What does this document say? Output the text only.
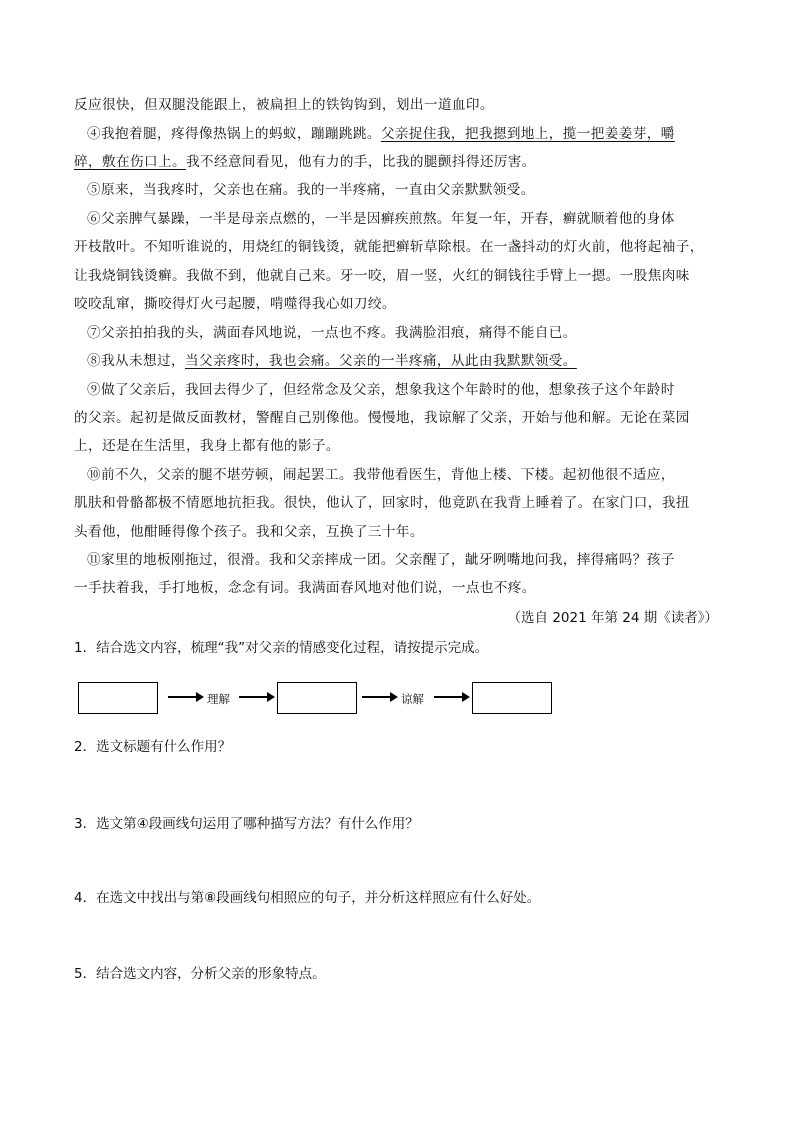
反应很快，但双腿没能跟上，被扁担上的铁钩钩到，划出一道血印。
④我抱着腿，疼得像热锅上的蚂蚁，蹦蹦跳跳。父亲捉住我，把我摁到地上，揽一把姜姜芽，嚼
碎，敷在伤口上。我不经意间看见，他有力的手，比我的腿颤抖得还厉害。
⑤原来，当我疼时，父亲也在痛。我的一半疼痛，一直由父亲默默领受。
⑥父亲脾气暴躁，一半是母亲点燃的，一半是因癣疾煎熬。年复一年，开春，癣就顺着他的身体
开枝散叶。不知听谁说的，用烧红的铜钱烫，就能把癣斩草除根。在一盏抖动的灯火前，他将起袖子，
让我烧铜钱烫癣。我做不到，他就自己来。牙一咬，眉一竖，火红的铜钱往手臂上一摁。一股焦肉味
咬咬乱窜，撕咬得灯火弓起腰，啃噬得我心如刀绞。
⑦父亲拍拍我的头，满面春风地说，一点也不疼。我满脸泪痕，痛得不能自已。
⑧我从未想过，当父亲疼时，我也会痛。父亲的一半疼痛，从此由我默默领受。
⑨做了父亲后，我回去得少了，但经常念及父亲，想象我这个年龄时的他，想象孩子这个年龄时
的父亲。起初是做反面教材，警醒自己别像他。慢慢地，我谅解了父亲，开始与他和解。无论在菜园
上，还是在生活里，我身上都有他的影子。
⑩前不久，父亲的腿不堪劳顿，闹起罢工。我带他看医生，背他上楼、下楼。起初他很不适应，
肌肤和骨骼都极不情愿地抗拒我。很快，他认了，回家时，他竟趴在我背上睡着了。在家门口，我扭
头看他，他酣睡得像个孩子。我和父亲，互换了三十年。
⑪家里的地板刚拖过，很滑。我和父亲摔成一团。父亲醒了，龇牙咧嘴地问我，摔得痛吗？孩子
一手扶着我，手打地板，念念有词。我满面春风地对他们说，一点也不疼。
（选自 2021 年第 24 期《读者》）
1．结合选文内容，梳理“我”对父亲的情感变化过程，请按提示完成。
理解	谅解
2．选文标题有什么作用？
3．选文第④段画线句运用了哪种描写方法？有什么作用？
4．在选文中找出与第⑧段画线句相照应的句子，并分析这样照应有什么好处。
5．结合选文内容，分析父亲的形象特点。
